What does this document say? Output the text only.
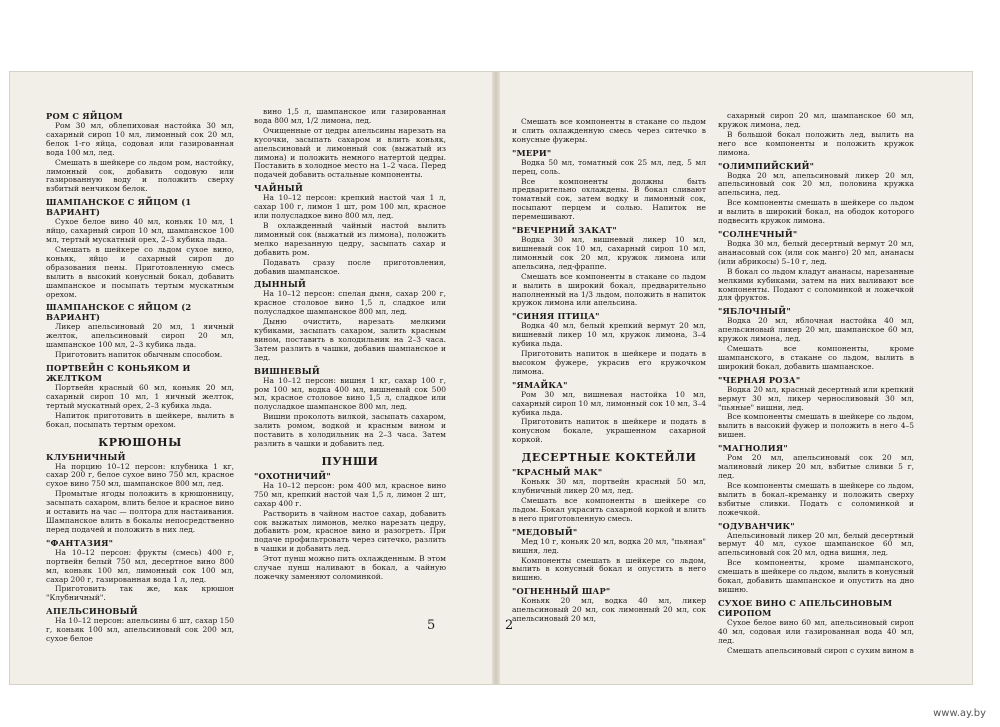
РОМ С ЯЙЦОМ

Ром 30 мл, облепиховая настойка 30 мл, сахарный сироп 10 мл, лимонный сок 20 мл, белок 1-го яйца, содовая или газированная вода 100 мл, лед.

Смешать в шейкере со льдом ром, настойку, лимонный сок, добавить содовую или газированную воду и положить сверху взбитый венчиком белок.

ШАМПАНСКОЕ С ЯЙЦОМ (1 ВАРИАНТ)

Сухое белое вино 40 мл, коньяк 10 мл, 1 яйцо, сахарный сироп 10 мл, шампанское 100 мл, тертый мускатный орех, 2–3 кубика льда.

Смешать в шейкере со льдом сухое вино, коньяк, яйцо и сахарный сироп до образования пены. Приготовленную смесь вылить в высокий конусный бокал, добавить шампанское и посыпать тертым мускатным орехом.

ШАМПАНСКОЕ С ЯЙЦОМ (2 ВАРИАНТ)

Ликер апельсиновый 20 мл, 1 яичный желток, апельсиновый сироп 20 мл, шампанское 100 мл, 2–3 кубика льда.

Приготовить напиток обычным способом.

ПОРТВЕЙН С КОНЬЯКОМ И ЖЕЛТКОМ

Портвейн красный 60 мл, коньяк 20 мл, сахарный сироп 10 мл, 1 яичный желток, тертый мускатный орех, 2–3 кубика льда.

Напиток приготовить в шейкере, вылить в бокал, посыпать тертым орехом.

КРЮШОНЫ
КЛУБНИЧНЫЙ

На порцию 10–12 персон: клубника 1 кг, сахар 200 г, белое сухое вино 750 мл, красное сухое вино 750 мл, шампанское 800 мл, лед.

Промытые ягоды положить в крюшонницу, засыпать сахаром, влить белое и красное вино и оставить на час — полтора для настаивания. Шампанское влить в бокалы непосредственно перед подачей и положить в них лед.

"ФАНТАЗИЯ"

На 10–12 персон: фрукты (смесь) 400 г, портвейн белый 750 мл, десертное вино 800 мл, коньяк 100 мл, лимонный сок 100 мл, сахар 200 г, газированная вода 1 л, лед.

Приготовить так же, как крюшон "Клубничный".

АПЕЛЬСИНОВЫЙ

На 10–12 персон: апельсины 6 шт, сахар 150 г, коньяк 100 мл, апельсиновый сок 200 мл, сухое белое

вино 1,5 л, шампанское или газированная вода 800 мл, 1/2 лимона, лед.

Очищенные от цедры апельсины нарезать на кусочки, засыпать сахаром и влить коньяк, апельсиновый и лимонный сок (выжатый из лимона) и положить немного натертой цедры. Поставить в холодное место на 1–2 часа. Перед подачей добавить остальные компоненты.

ЧАЙНЫЙ

На 10–12 персон: крепкий настой чая 1 л, сахар 100 г, лимон 1 шт, ром 100 мл, красное или полусладкое вино 800 мл, лед.

В охлажденный чайный настой вылить лимонный сок (выжатый из лимона), положить мелко нарезанную цедру, засыпать сахар и добавить ром.

Подавать сразу после приготовления, добавив шампанское.

ДЫННЫЙ

На 10–12 персон: спелая дыня, сахар 200 г, красное столовое вино 1,5 л, сладкое или полусладкое шампанское 800 мл, лед.

Дыню очистить, нарезать мелкими кубиками, засыпать сахаром, залить красным вином, поставить в холодильник на 2–3 часа. Затем разлить в чашки, добавив шампанское и лед.

ВИШНЕВЫЙ

На 10–12 персон: вишня 1 кг, сахар 100 г, ром 100 мл, водка 400 мл, вишневый сок 500 мл, красное столовое вино 1,5 л, сладкое или полусладкое шампанское 800 мл, лед.

Вишни проколоть вилкой, засыпать сахаром, залить ромом, водкой и красным вином и поставить в холодильник на 2–3 часа. Затем разлить в чашки и добавить лед.

ПУНШИ
"ОХОТНИЧИЙ"

На 10–12 персон: ром 400 мл, красное вино 750 мл, крепкий настой чая 1,5 л, лимон 2 шт, сахар 400 г.

Растворить в чайном настое сахар, добавить сок выжатых лимонов, мелко нарезать цедру, добавить ром, красное вино и разогреть. При подаче профильтровать через ситечко, разлить в чашки и добавить лед.

Этот пунш можно пить охлажденным. В этом случае пунш наливают в бокал, а чайную ложечку заменяют соломинкой.

5

Смешать все компоненты в стакане со льдом и слить охлажденную смесь через ситечко в конусные фужеры.

"МЕРИ"

Водка 50 мл, томатный сок 25 мл, лед, 5 мл перец, соль.

Все компоненты должны быть предварительно охлаждены. В бокал сливают томатный сок, затем водку и лимонный сок, посыпают перцем и солью. Напиток не перемешивают.

"ВЕЧЕРНИЙ ЗАКАТ"

Водка 30 мл, вишневый ликер 10 мл, вишневый сок 10 мл, сахарный сироп 10 мл, лимонный сок 20 мл, кружок лимона или апельсина, лед-фраппе.

Смешать все компоненты в стакане со льдом и вылить в широкий бокал, предварительно наполненный на 1/3 льдом, положить в напиток кружок лимона или апельсина.

"СИНЯЯ ПТИЦА"

Водка 40 мл, белый крепкий вермут 20 мл, вишневый ликер 10 мл, кружок лимона, 3–4 кубика льда.

Приготовить напиток в шейкере и подать в высоком фужере, украсив его кружочком лимона.

"ЯМАЙКА"

Ром 30 мл, вишневая настойка 10 мл, сахарный сироп 10 мл, лимонный сок 10 мл, 3–4 кубика льда.

Приготовить напиток в шейкере и подать в конусном бокале, украшенном сахарной коркой.

ДЕСЕРТНЫЕ КОКТЕЙЛИ
"КРАСНЫЙ МАК"

Коньяк 30 мл, портвейн красный 50 мл, клубничный ликер 20 мл, лед.

Смешать все компоненты в шейкере со льдом. Бокал украсить сахарной коркой и влить в него приготовленную смесь.

"МЕДОВЫЙ"

Мед 10 г, коньяк 20 мл, водка 20 мл, "пьяная" вишня, лед.

Компоненты смешать в шейкере со льдом, вылить в конусный бокал и опустить в него вишню.

"ОГНЕННЫЙ ШАР"

Коньяк 20 мл, водка 40 мл, ликер апельсиновый 20 мл, сок лимонный 20 мл, сок апельсиновый 20 мл,

сахарный сироп 20 мл, шампанское 60 мл, кружок лимона, лед.

В большой бокал положить лед, вылить на него все компоненты и положить кружок лимона.

"ОЛИМПИЙСКИЙ"

Водка 20 мл, апельсиновый ликер 20 мл, апельсиновый сок 20 мл, половина кружка апельсина, лед.

Все компоненты смешать в шейкере со льдом и вылить в широкий бокал, на ободок которого подвесить кружок лимона.

"СОЛНЕЧНЫЙ"

Водка 30 мл, белый десертный вермут 20 мл, ананасовый сок (или сок манго) 20 мл, ананасы (или абрикосы) 5–10 г, лед.

В бокал со льдом кладут ананасы, нарезанные мелкими кубиками, затем на них выливают все компоненты. Подают с соломинкой и ложечкой для фруктов.

"ЯБЛОЧНЫЙ"

Водка 20 мл, яблочная настойка 40 мл, апельсиновый ликер 20 мл, шампанское 60 мл, кружок лимона, лед.

Смешать все компоненты, кроме шампанского, в стакане со льдом, вылить в широкий бокал, добавить шампанское.

"ЧЕРНАЯ РОЗА"

Водка 20 мл, красный десертный или крепкий вермут 30 мл, ликер черносливовый 30 мл, "пьяные" вишни, лед.

Все компоненты смешать в шейкере со льдом, вылить в высокий фужер и положить в него 4–5 вишен.

"МАГНОЛИЯ"

Ром 20 мл, апельсиновый сок 20 мл, малиновый ликер 20 мл, взбитые сливки 5 г, лед.

Все компоненты смешать в шейкере со льдом, вылить в бокал–креманку и положить сверху взбитые сливки. Подать с соломинкой и ложечкой.

"ОДУВАНЧИК"

Апельсиновый ликер 20 мл, белый десертный вермут 40 мл, сухое шампанское 60 мл, апельсиновый сок 20 мл, одна вишня, лед.

Все компоненты, кроме шампанского, смешать в шейкере со льдом, вылить в конусный бокал, добавить шампанское и опустить на дно вишню.

СУХОЕ ВИНО С АПЕЛЬСИНОВЫМ СИРОПОМ

Сухое белое вино 60 мл, апельсиновый сироп 40 мл, содовая или газированная вода 40 мл, лед.

Смешать апельсиновый сироп с сухим вином в

2
www.ay.by
